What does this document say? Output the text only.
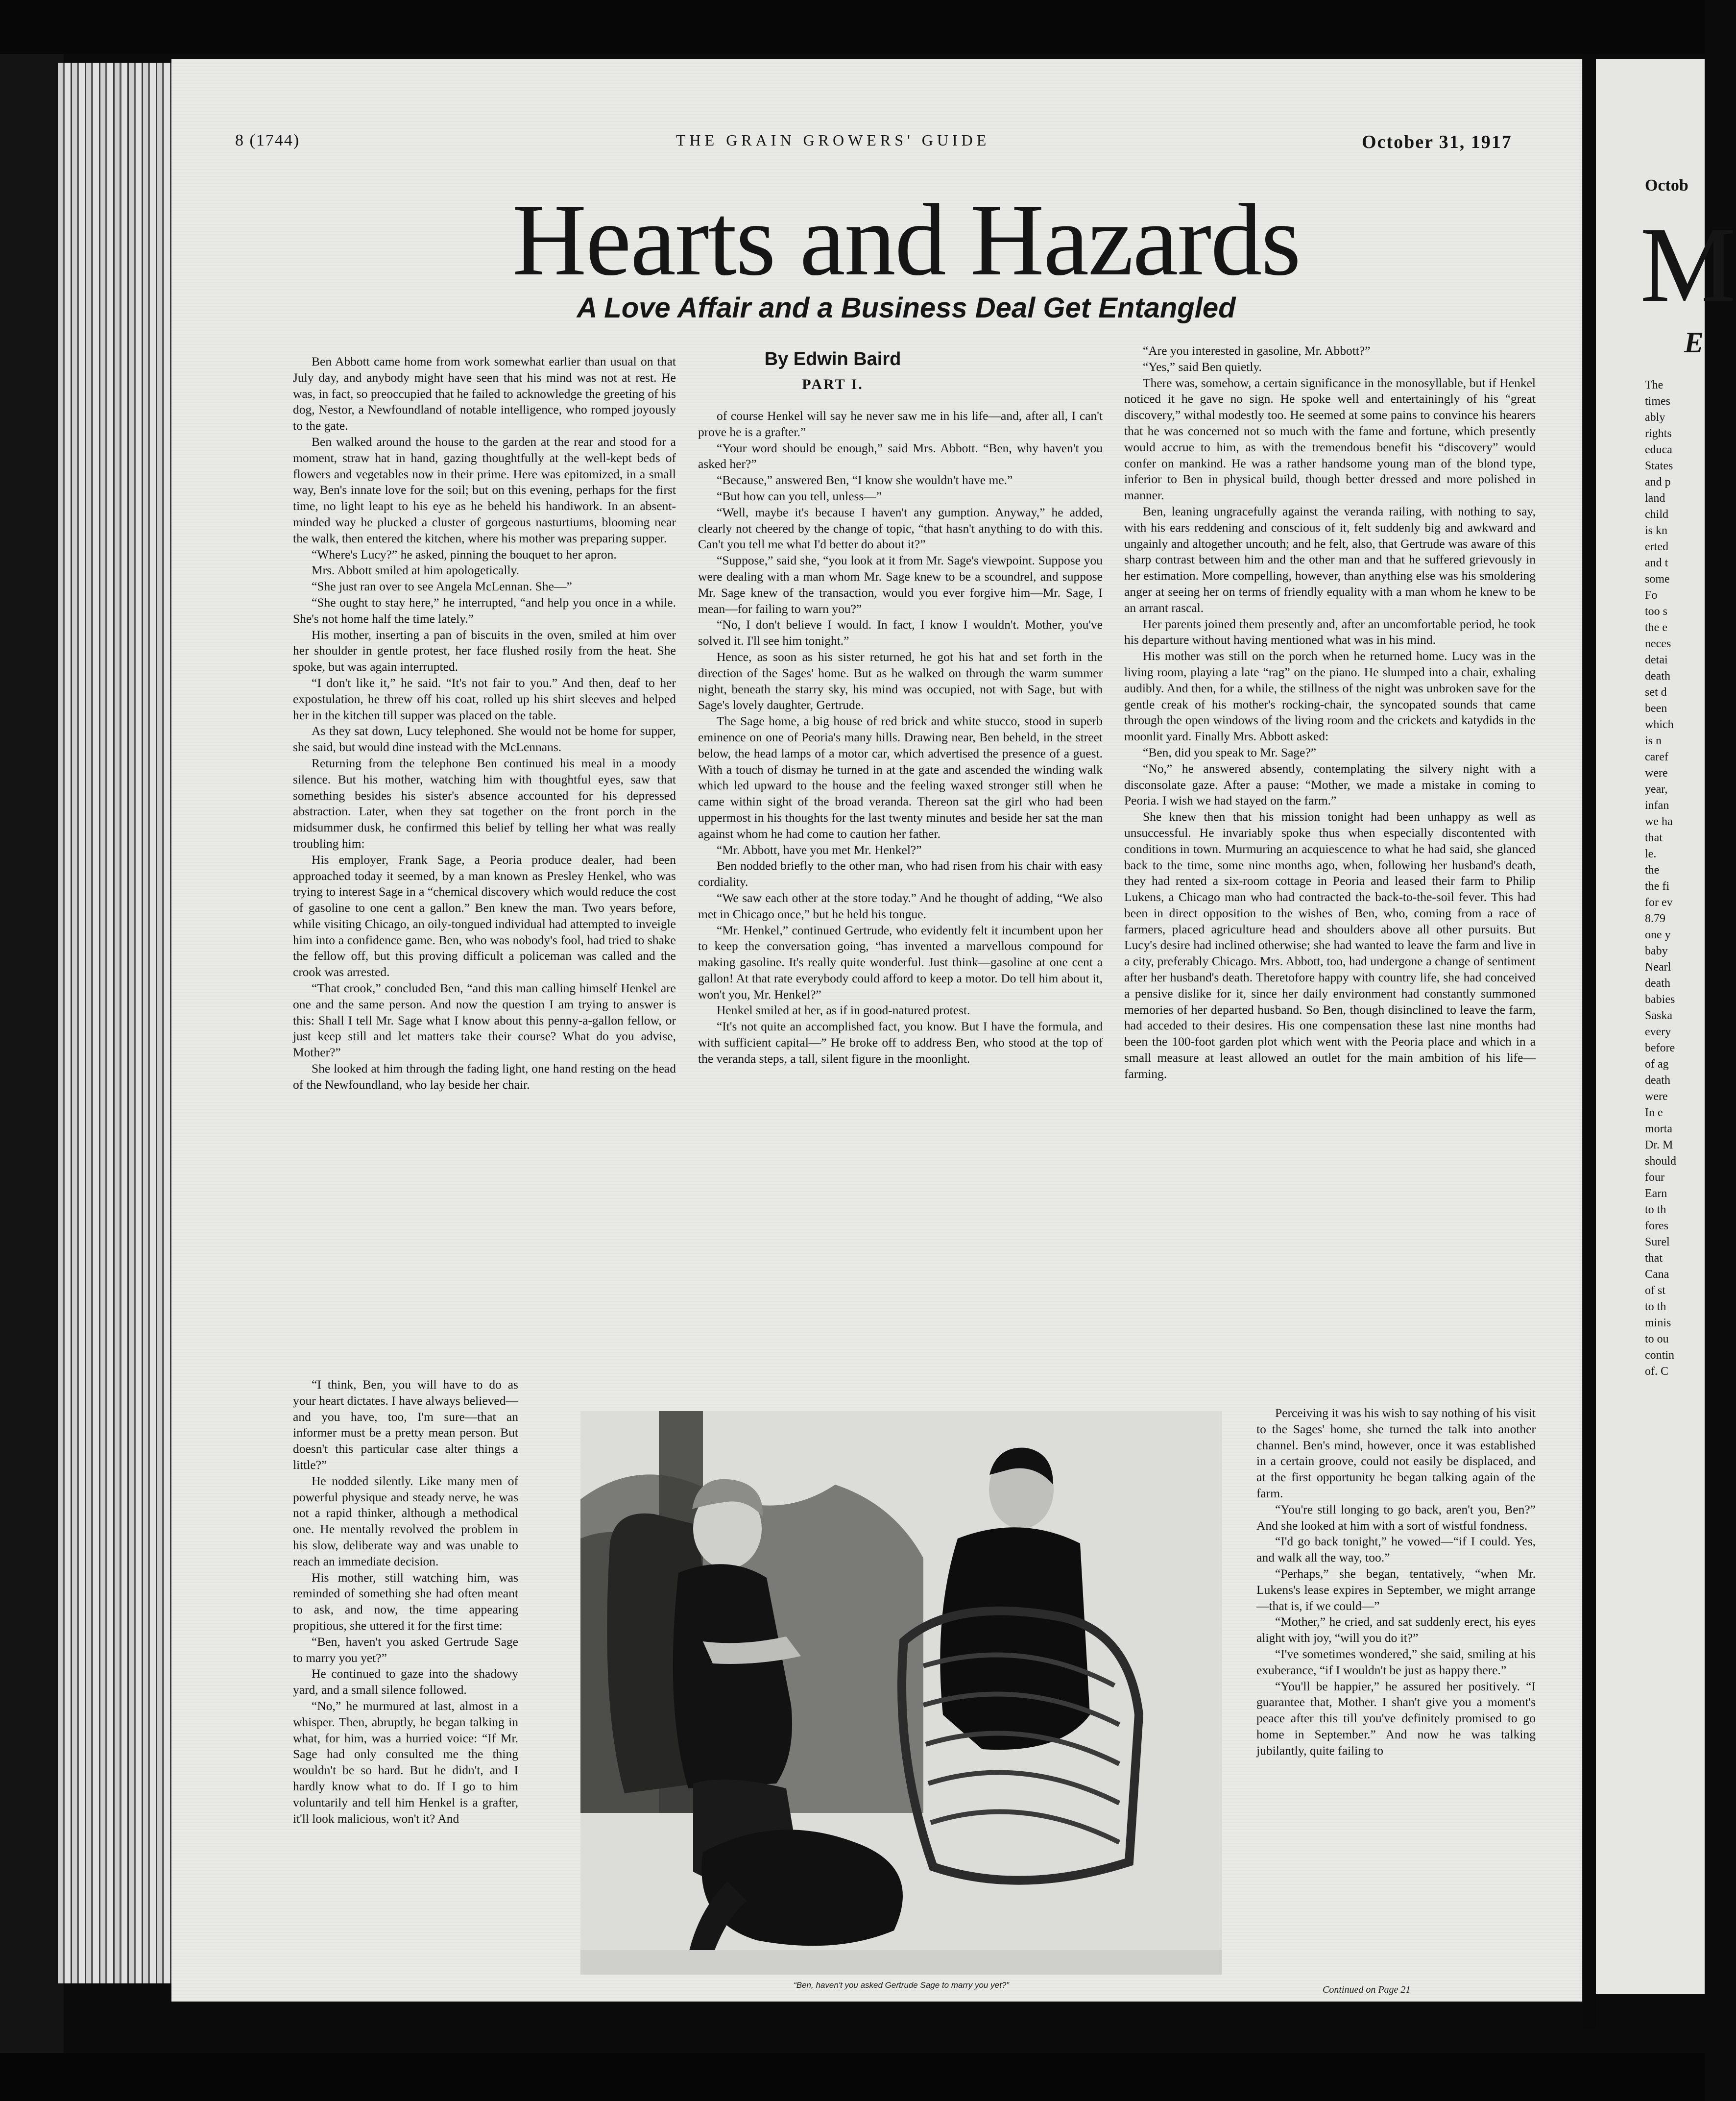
8 (1744)	THE GRAIN GROWERS' GUIDE	October 31, 1917
Hearts and Hazards
A Love Affair and a Business Deal Get Entangled
By Edwin Baird
PART I.

Ben Abbott came home from work somewhat earlier than usual on that July day, and anybody might have seen that his mind was not at rest. He was, in fact, so preoccupied that he failed to acknowledge the greeting of his dog, Nestor, a Newfoundland of notable intelligence, who romped joyously to the gate.

Ben walked around the house to the garden at the rear and stood for a moment, straw hat in hand, gazing thoughtfully at the well-kept beds of flowers and vegetables now in their prime. Here was epitomized, in a small way, Ben's innate love for the soil; but on this evening, perhaps for the first time, no light leapt to his eye as he beheld his handiwork. In an absent-minded way he plucked a cluster of gorgeous nasturtiums, blooming near the walk, then entered the kitchen, where his mother was preparing supper.

“Where's Lucy?” he asked, pinning the bouquet to her apron.

Mrs. Abbott smiled at him apologetically.

“She just ran over to see Angela McLennan. She—”

“She ought to stay here,” he interrupted, “and help you once in a while. She's not home half the time lately.”

His mother, inserting a pan of biscuits in the oven, smiled at him over her shoulder in gentle protest, her face flushed rosily from the heat. She spoke, but was again interrupted.

“I don't like it,” he said. “It's not fair to you.” And then, deaf to her expostulation, he threw off his coat, rolled up his shirt sleeves and helped her in the kitchen till supper was placed on the table.

As they sat down, Lucy telephoned. She would not be home for supper, she said, but would dine instead with the McLennans.

Returning from the telephone Ben continued his meal in a moody silence. But his mother, watching him with thoughtful eyes, saw that something besides his sister's absence accounted for his depressed abstraction. Later, when they sat together on the front porch in the midsummer dusk, he confirmed this belief by telling her what was really troubling him:

His employer, Frank Sage, a Peoria produce dealer, had been approached today it seemed, by a man known as Presley Henkel, who was trying to interest Sage in a “chemical discovery which would reduce the cost of gasoline to one cent a gallon.” Ben knew the man. Two years before, while visiting Chicago, an oily-tongued individual had attempted to inveigle him into a confidence game. Ben, who was nobody's fool, had tried to shake the fellow off, but this proving difficult a policeman was called and the crook was arrested.

“That crook,” concluded Ben, “and this man calling himself Henkel are one and the same person. And now the question I am trying to answer is this: Shall I tell Mr. Sage what I know about this penny-a-gallon fellow, or just keep still and let matters take their course? What do you advise, Mother?”

She looked at him through the fading light, one hand resting on the head of the Newfoundland, who lay beside her chair.

“I think, Ben, you will have to do as your heart dictates. I have always believed—and you have, too, I'm sure—that an informer must be a pretty mean person. But doesn't this particular case alter things a little?”

He nodded silently. Like many men of powerful physique and steady nerve, he was not a rapid thinker, although a methodical one. He mentally revolved the problem in his slow, deliberate way and was unable to reach an immediate decision.

His mother, still watching him, was reminded of something she had often meant to ask, and now, the time appearing propitious, she uttered it for the first time:

“Ben, haven't you asked Gertrude Sage to marry you yet?”

He continued to gaze into the shadowy yard, and a small silence followed.

“No,” he murmured at last, almost in a whisper. Then, abruptly, he began talking in what, for him, was a hurried voice: “If Mr. Sage had only consulted me the thing wouldn't be so hard. But he didn't, and I hardly know what to do. If I go to him voluntarily and tell him Henkel is a grafter, it'll look malicious, won't it? And

of course Henkel will say he never saw me in his life—and, after all, I can't prove he is a grafter.”

“Your word should be enough,” said Mrs. Abbott. “Ben, why haven't you asked her?”

“Because,” answered Ben, “I know she wouldn't have me.”

“But how can you tell, unless—”

“Well, maybe it's because I haven't any gumption. Anyway,” he added, clearly not cheered by the change of topic, “that hasn't anything to do with this. Can't you tell me what I'd better do about it?”

“Suppose,” said she, “you look at it from Mr. Sage's viewpoint. Suppose you were dealing with a man whom Mr. Sage knew to be a scoundrel, and suppose Mr. Sage knew of the transaction, would you ever forgive him—Mr. Sage, I mean—for failing to warn you?”

“No, I don't believe I would. In fact, I know I wouldn't. Mother, you've solved it. I'll see him tonight.”

Hence, as soon as his sister returned, he got his hat and set forth in the direction of the Sages' home. But as he walked on through the warm summer night, beneath the starry sky, his mind was occupied, not with Sage, but with Sage's lovely daughter, Gertrude.

The Sage home, a big house of red brick and white stucco, stood in superb eminence on one of Peoria's many hills. Drawing near, Ben beheld, in the street below, the head lamps of a motor car, which advertised the presence of a guest. With a touch of dismay he turned in at the gate and ascended the winding walk which led upward to the house and the feeling waxed stronger still when he came within sight of the broad veranda. Thereon sat the girl who had been uppermost in his thoughts for the last twenty minutes and beside her sat the man against whom he had come to caution her father.

“Mr. Abbott, have you met Mr. Henkel?”

Ben nodded briefly to the other man, who had risen from his chair with easy cordiality.

“We saw each other at the store today.” And he thought of adding, “We also met in Chicago once,” but he held his tongue.

“Mr. Henkel,” continued Gertrude, who evidently felt it incumbent upon her to keep the conversation going, “has invented a marvellous compound for making gasoline. It's really quite wonderful. Just think—gasoline at one cent a gallon! At that rate everybody could afford to keep a motor. Do tell him about it, won't you, Mr. Henkel?”

Henkel smiled at her, as if in good-natured protest.

“It's not quite an accomplished fact, you know. But I have the formula, and with sufficient capital—” He broke off to address Ben, who stood at the top of the veranda steps, a tall, silent figure in the moonlight.

“Are you interested in gasoline, Mr. Abbott?”

“Yes,” said Ben quietly.

There was, somehow, a certain significance in the monosyllable, but if Henkel noticed it he gave no sign. He spoke well and entertainingly of his “great discovery,” withal modestly too. He seemed at some pains to convince his hearers that he was concerned not so much with the fame and fortune, which presently would accrue to him, as with the tremendous benefit his “discovery” would confer on mankind. He was a rather handsome young man of the blond type, inferior to Ben in physical build, though better dressed and more polished in manner.

Ben, leaning ungracefully against the veranda railing, with nothing to say, with his ears reddening and conscious of it, felt suddenly big and awkward and ungainly and altogether uncouth; and he felt, also, that Gertrude was aware of this sharp contrast between him and the other man and that he suffered grievously in her estimation. More compelling, however, than anything else was his smoldering anger at seeing her on terms of friendly equality with a man whom he knew to be an arrant rascal.

Her parents joined them presently and, after an uncomfortable period, he took his departure without having mentioned what was in his mind.

His mother was still on the porch when he returned home. Lucy was in the living room, playing a late “rag” on the piano. He slumped into a chair, exhaling audibly. And then, for a while, the stillness of the night was unbroken save for the gentle creak of his mother's rocking-chair, the syncopated sounds that came through the open windows of the living room and the crickets and katydids in the moonlit yard. Finally Mrs. Abbott asked:

“Ben, did you speak to Mr. Sage?”

“No,” he answered absently, contemplating the silvery night with a disconsolate gaze. After a pause: “Mother, we made a mistake in coming to Peoria. I wish we had stayed on the farm.”

She knew then that his mission tonight had been unhappy as well as unsuccessful. He invariably spoke thus when especially discontented with conditions in town. Murmuring an acquiescence to what he had said, she glanced back to the time, some nine months ago, when, following her husband's death, they had rented a six-room cottage in Peoria and leased their farm to Philip Lukens, a Chicago man who had contracted the back-to-the-soil fever. This had been in direct opposition to the wishes of Ben, who, coming from a race of farmers, placed agriculture head and shoulders above all other pursuits. But Lucy's desire had inclined otherwise; she had wanted to leave the farm and live in a city, preferably Chicago. Mrs. Abbott, too, had undergone a change of sentiment after her husband's death. Theretofore happy with country life, she had conceived a pensive dislike for it, since her daily environment had constantly summoned memories of her departed husband. So Ben, though disinclined to leave the farm, had acceded to their desires. His one compensation these last nine months had been the 100-foot garden plot which went with the Peoria place and which in a small measure at least allowed an outlet for the main ambition of his life—farming.

Perceiving it was his wish to say nothing of his visit to the Sages' home, she turned the talk into another channel. Ben's mind, however, once it was established in a certain groove, could not easily be displaced, and at the first opportunity he began talking again of the farm.

“You're still longing to go back, aren't you, Ben?” And she looked at him with a sort of wistful fondness.

“I'd go back tonight,” he vowed—“if I could. Yes, and walk all the way, too.”

“Perhaps,” she began, tentatively, “when Mr. Lukens's lease expires in September, we might arrange—that is, if we could—”

“Mother,” he cried, and sat suddenly erect, his eyes alight with joy, “will you do it?”

“I've sometimes wondered,” she said, smiling at his exuberance, “if I wouldn't be just as happy there.”

“You'll be happier,” he assured her positively. “I guarantee that, Mother. I shan't give you a moment's peace after this till you've definitely promised to go home in September.” And now he was talking jubilantly, quite failing to

“Ben, haven't you asked Gertrude Sage to marry you yet?”	Continued on Page 21
Octob
M
E
The
times
ably
rights
educa
States
and p
land
child
is kn
erted
and t
some
Fo
too s
the e
neces
detai
death
set d
been
which
is n
caref
were
year,
infan
we ha
that
le.
the
the fi
for ev
8.79
one y
baby
Nearl
death
babies
Saska
every
before
of ag
death
were
In e
morta
Dr. M
should
four
Earn
to th
fores
Surel
that
Cana
of st
to th
minis
to ou
contin
of. C
